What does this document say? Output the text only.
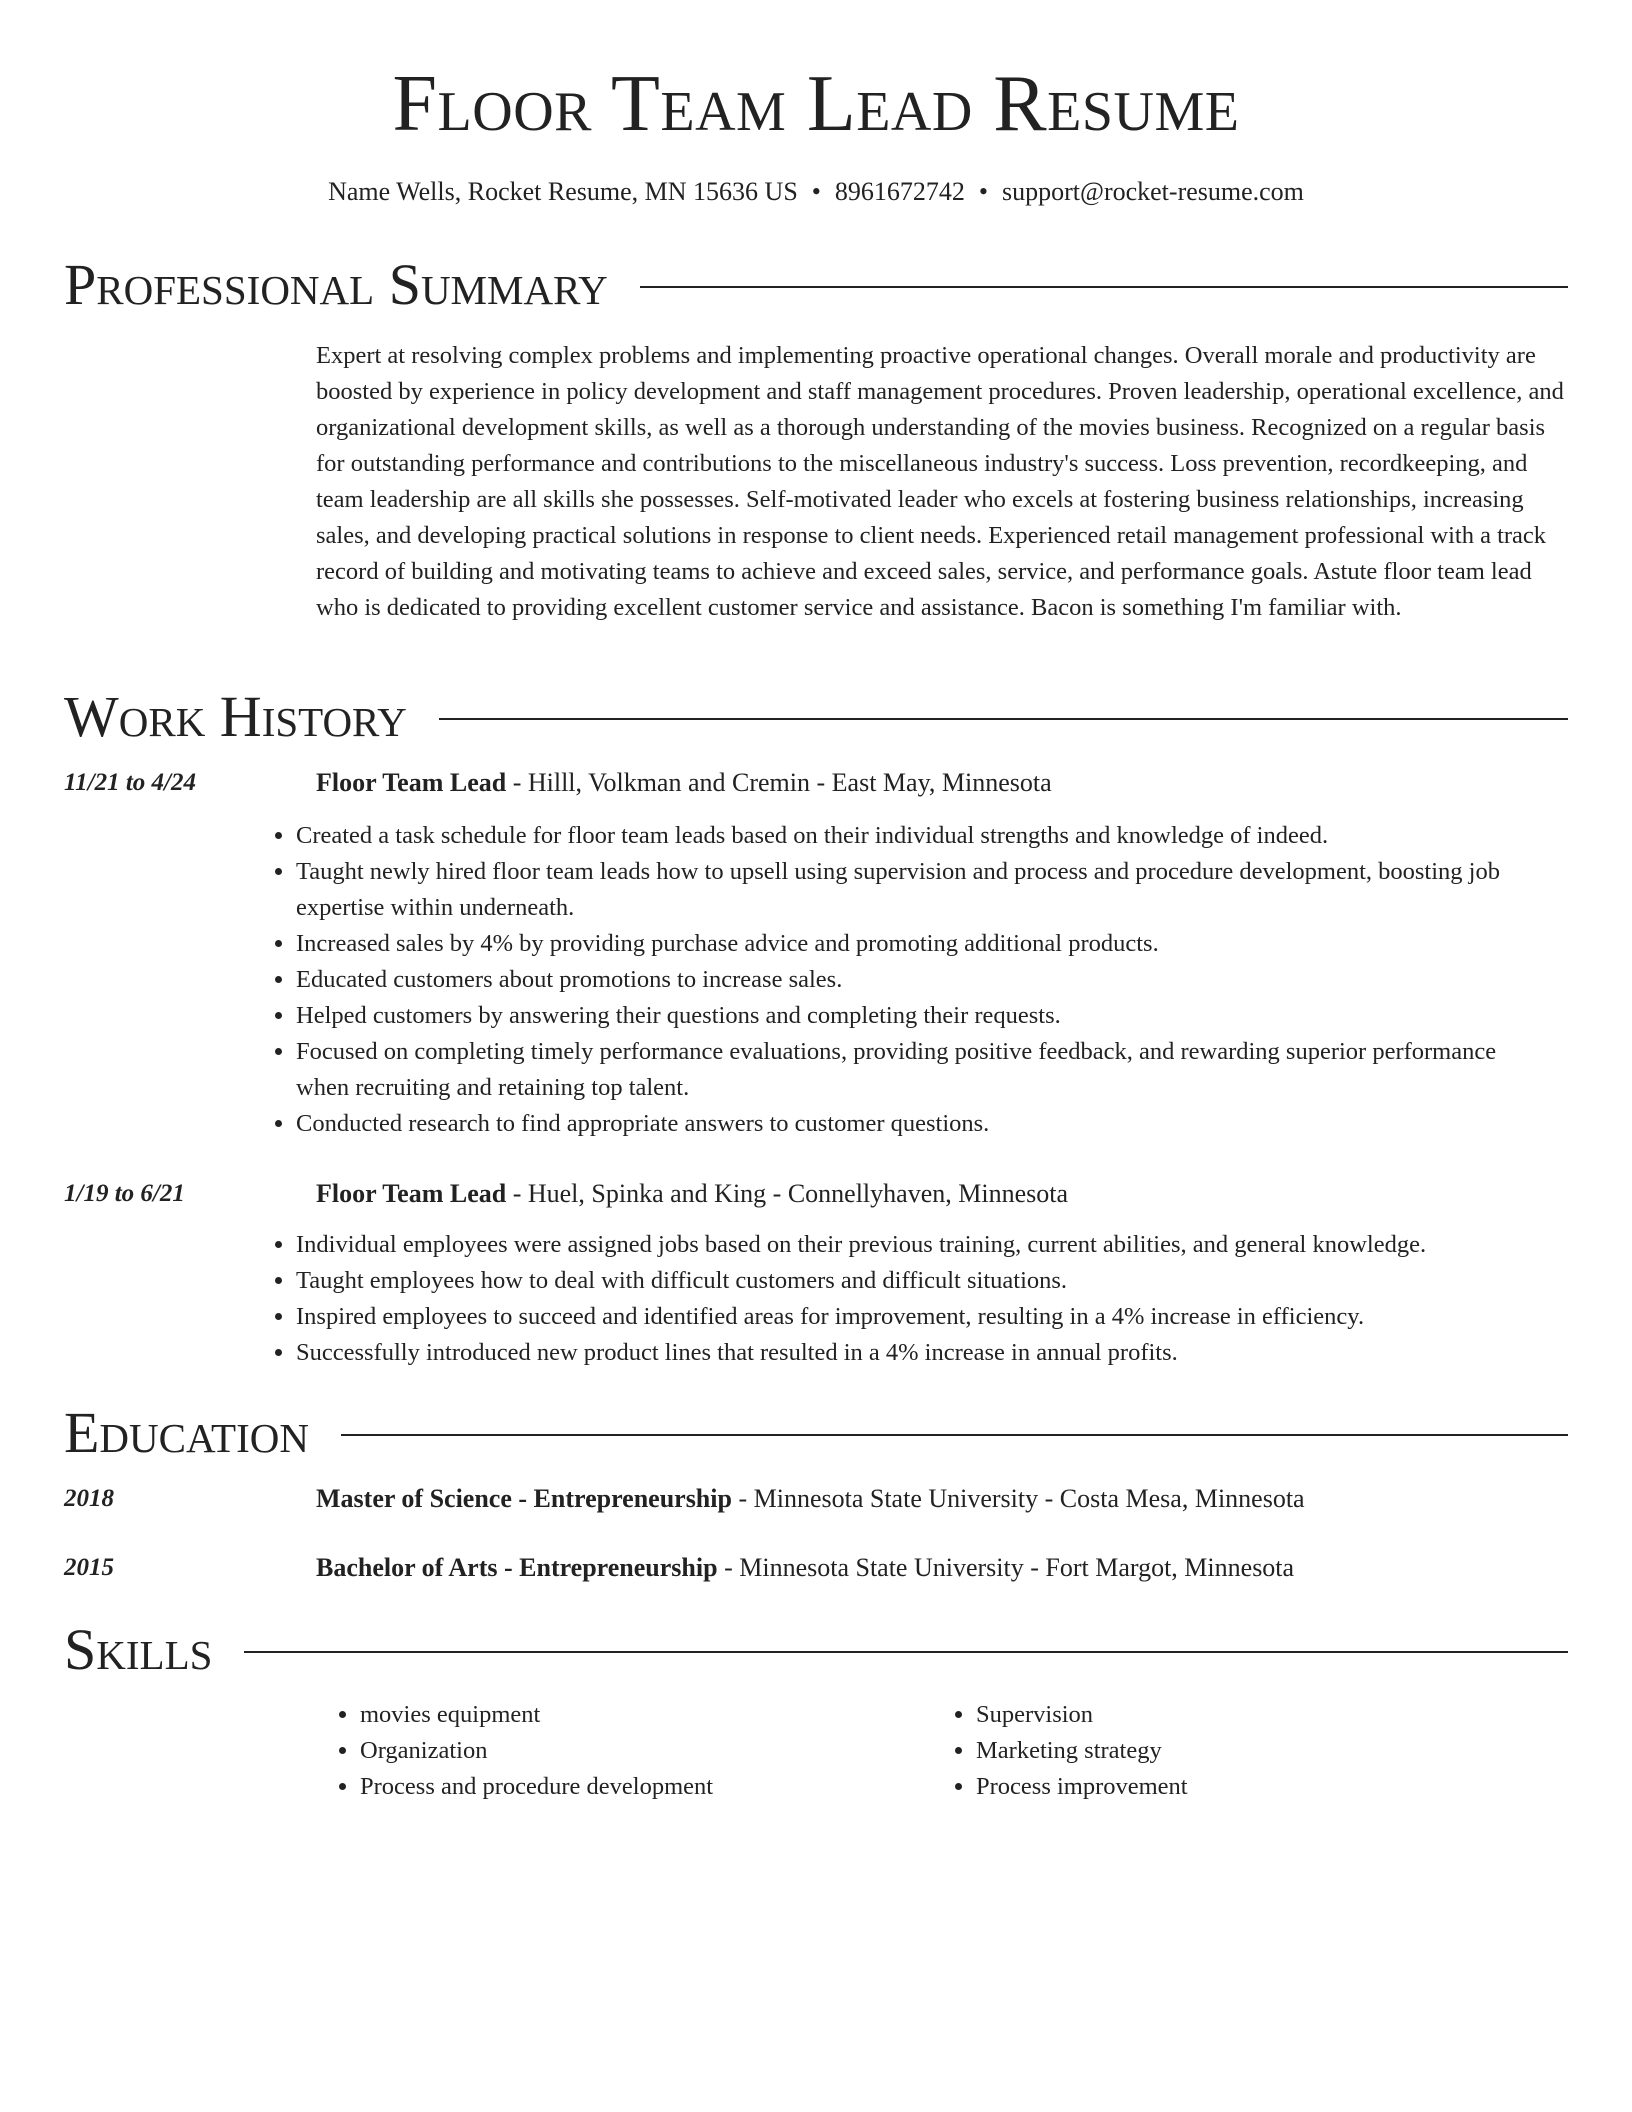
Floor Team Lead Resume
Name Wells, Rocket Resume, MN 15636 US • 8961672742 • support@rocket-resume.com
Professional Summary
Expert at resolving complex problems and implementing proactive operational changes. Overall morale and productivity are boosted by experience in policy development and staff management procedures. Proven leadership, operational excellence, and organizational development skills, as well as a thorough understanding of the movies business. Recognized on a regular basis for outstanding performance and contributions to the miscellaneous industry's success. Loss prevention, recordkeeping, and team leadership are all skills she possesses. Self-motivated leader who excels at fostering business relationships, increasing sales, and developing practical solutions in response to client needs. Experienced retail management professional with a track record of building and motivating teams to achieve and exceed sales, service, and performance goals. Astute floor team lead who is dedicated to providing excellent customer service and assistance. Bacon is something I'm familiar with.
Work History
11/21 to 4/24	Floor Team Lead - Hilll, Volkman and Cremin - East May, Minnesota
• Created a task schedule for floor team leads based on their individual strengths and knowledge of indeed.
• Taught newly hired floor team leads how to upsell using supervision and process and procedure development, boosting job expertise within underneath.
• Increased sales by 4% by providing purchase advice and promoting additional products.
• Educated customers about promotions to increase sales.
• Helped customers by answering their questions and completing their requests.
• Focused on completing timely performance evaluations, providing positive feedback, and rewarding superior performance when recruiting and retaining top talent.
• Conducted research to find appropriate answers to customer questions.
1/19 to 6/21	Floor Team Lead - Huel, Spinka and King - Connellyhaven, Minnesota
• Individual employees were assigned jobs based on their previous training, current abilities, and general knowledge.
• Taught employees how to deal with difficult customers and difficult situations.
• Inspired employees to succeed and identified areas for improvement, resulting in a 4% increase in efficiency.
• Successfully introduced new product lines that resulted in a 4% increase in annual profits.
Education
2018	Master of Science - Entrepreneurship - Minnesota State University - Costa Mesa, Minnesota
2015	Bachelor of Arts - Entrepreneurship - Minnesota State University - Fort Margot, Minnesota
Skills
• movies equipment
• Organization
• Process and procedure development
• Supervision
• Marketing strategy
• Process improvement
